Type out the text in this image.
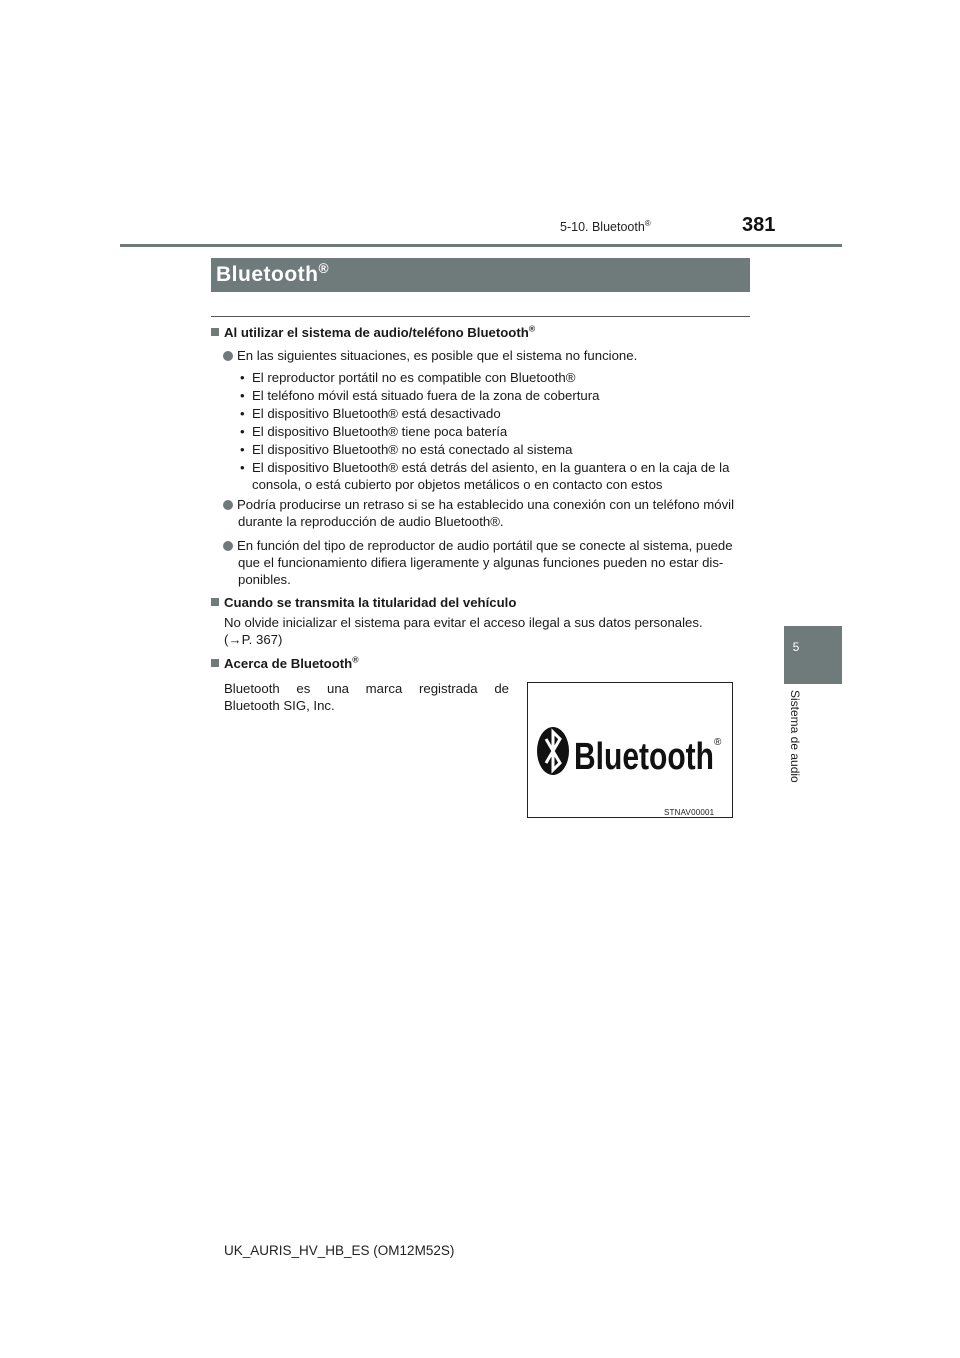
5-10. Bluetooth®	381
Bluetooth®
5
Sistema de audio
Al utilizar el sistema de audio/teléfono Bluetooth®
En las siguientes situaciones, es posible que el sistema no funcione.
•  El reproductor portátil no es compatible con Bluetooth®
•  El teléfono móvil está situado fuera de la zona de cobertura
•  El dispositivo Bluetooth® está desactivado
•  El dispositivo Bluetooth® tiene poca batería
•  El dispositivo Bluetooth® no está conectado al sistema
•  El dispositivo Bluetooth® está detrás del asiento, en la guantera o en la caja de la
consola, o está cubierto por objetos metálicos o en contacto con estos
Podría producirse un retraso si se ha establecido una conexión con un teléfono móvil
durante la reproducción de audio Bluetooth®.
En función del tipo de reproductor de audio portátil que se conecte al sistema, puede
que el funcionamiento difiera ligeramente y algunas funciones pueden no estar dis-
ponibles.
Cuando se transmita la titularidad del vehículo
No olvide inicializar el sistema para evitar el acceso ilegal a sus datos personales.
(→P. 367)
Acerca de Bluetooth®
Bluetooth es una marca registrada de
Bluetooth SIG, Inc.
Bluetooth ®
STNAV00001
UK_AURIS_HV_HB_ES (OM12M52S)
